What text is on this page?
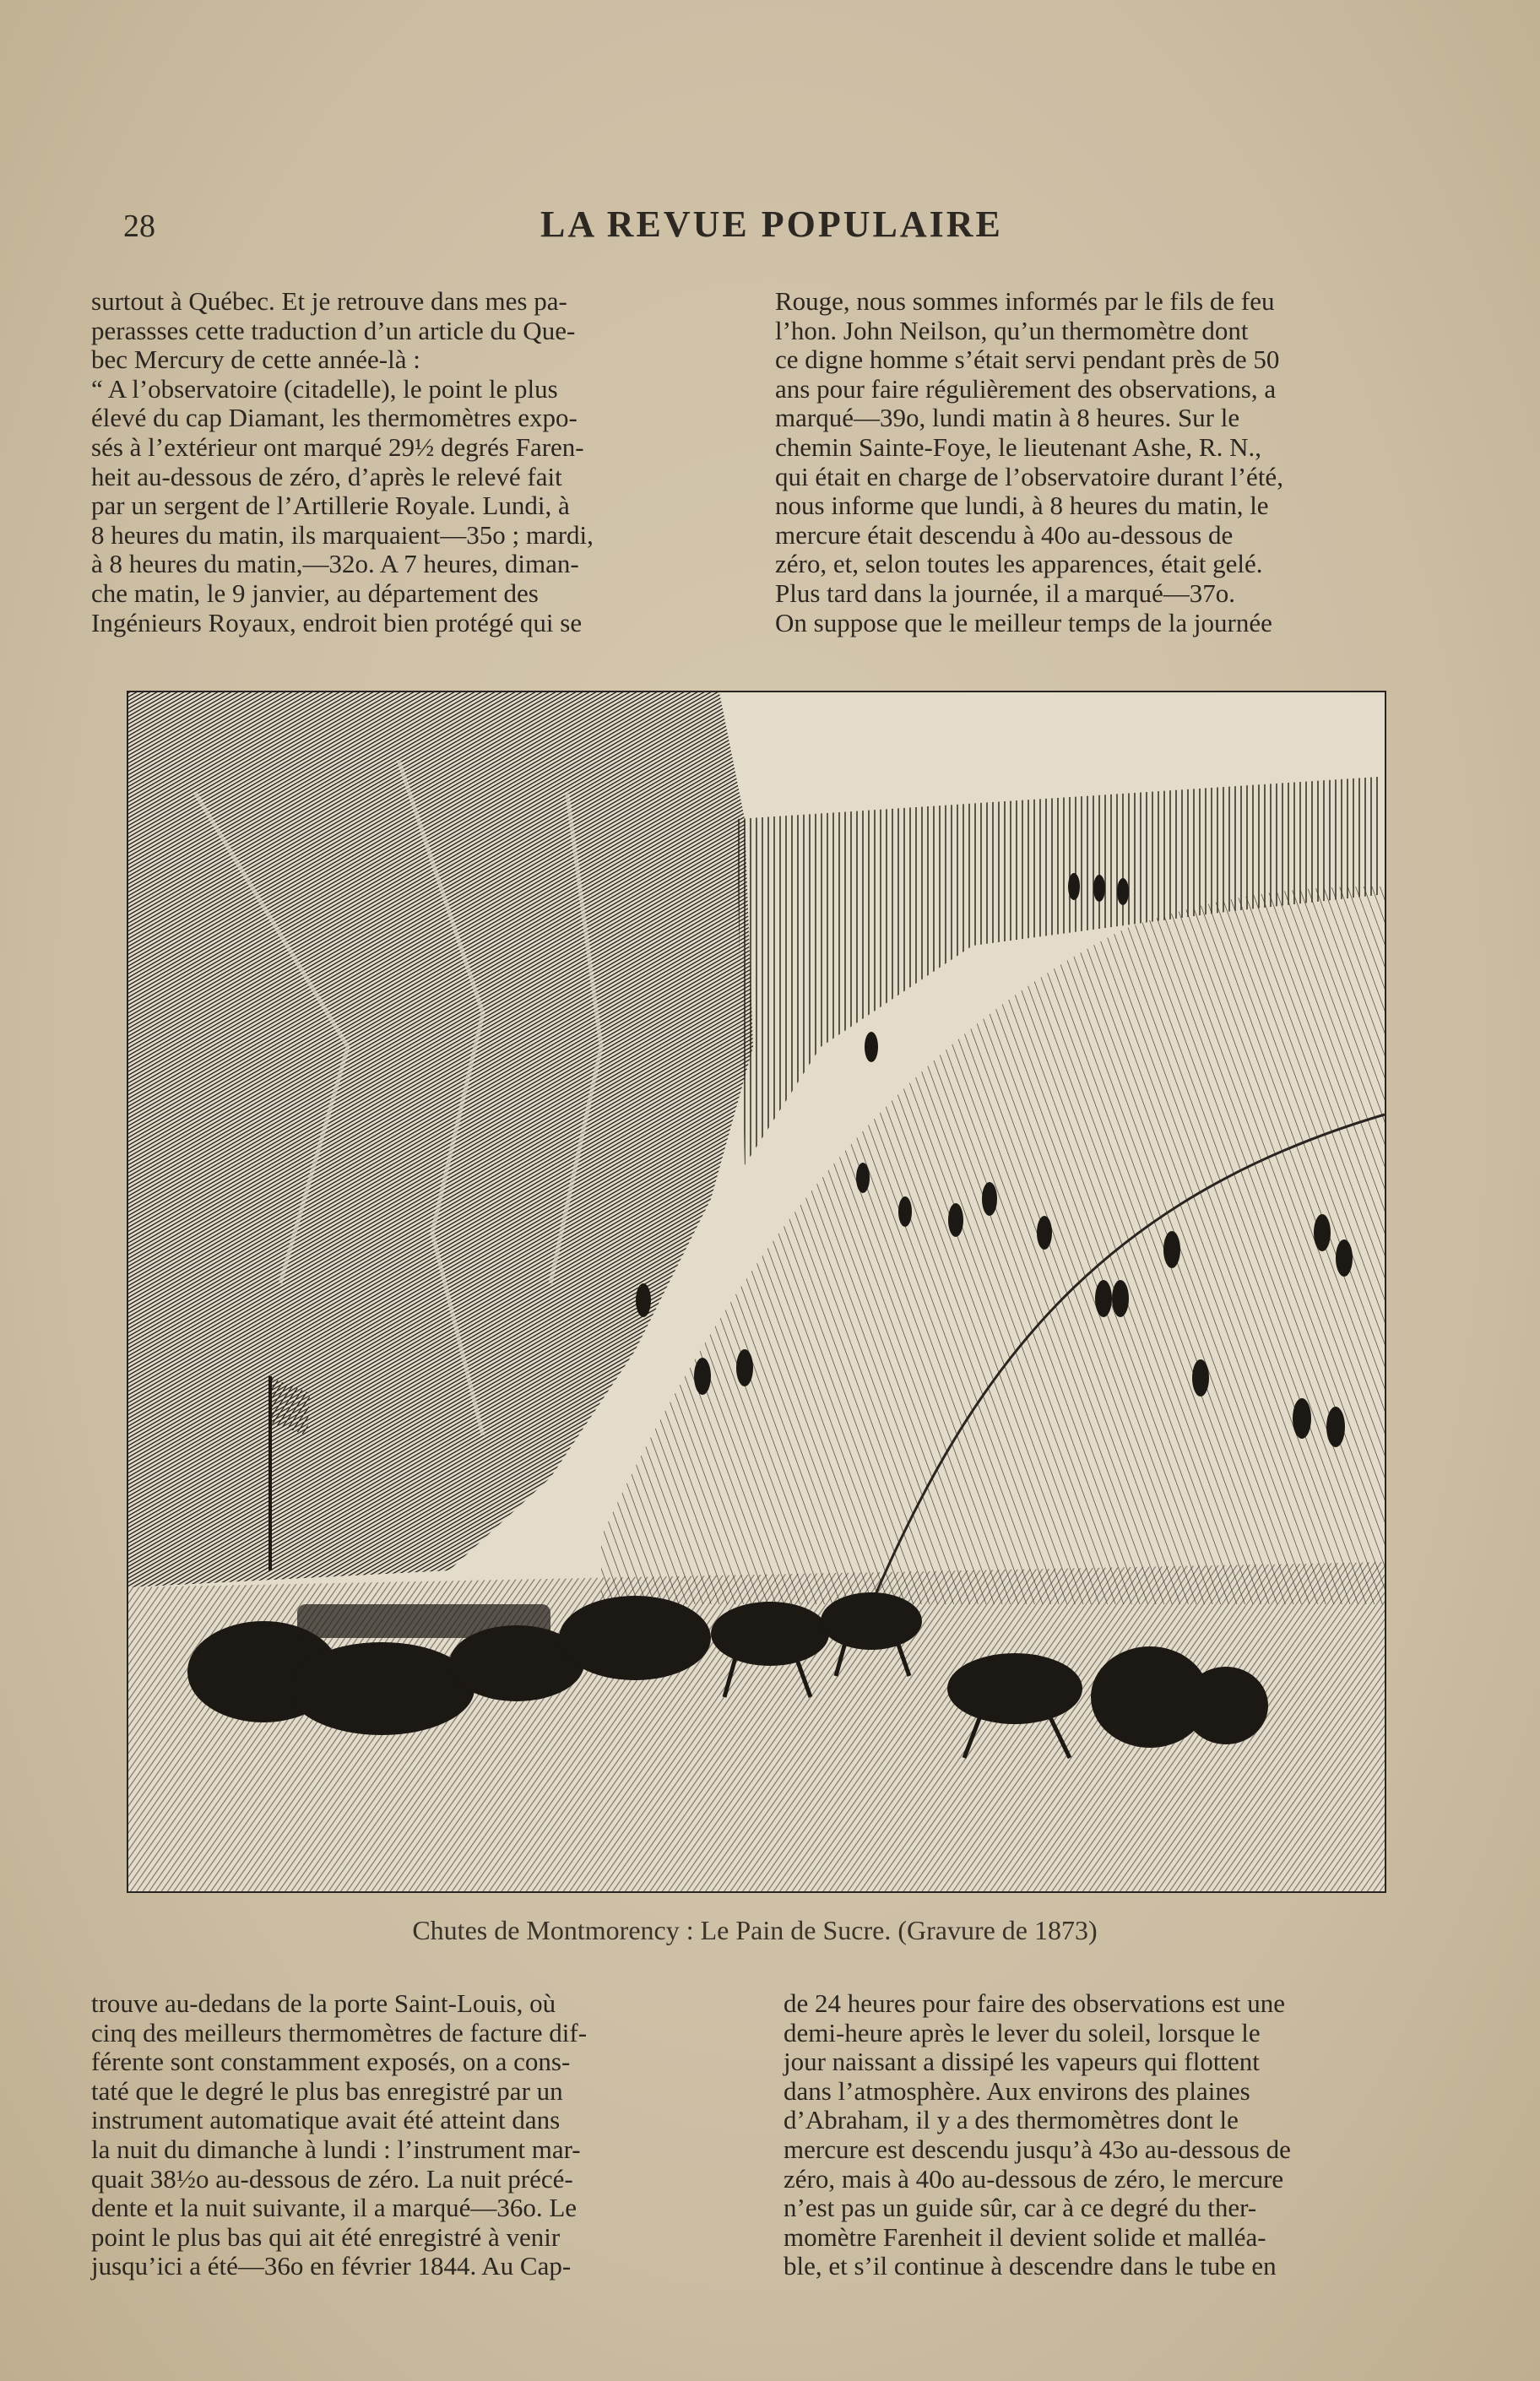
28	LA REVUE POPULAIRE

surtout à Québec. Et je retrouve dans mes pa-

perassses cette traduction d’un article du Que-

bec Mercury de cette année-là :

“ A l’observatoire (citadelle), le point le plus

élevé du cap Diamant, les thermomètres expo-

sés à l’extérieur ont marqué 29½ degrés Faren-

heit au-dessous de zéro, d’après le relevé fait

par un sergent de l’Artillerie Royale. Lundi, à

8 heures du matin, ils marquaient—35o ; mardi,

à 8 heures du matin,—32o. A 7 heures, diman-

che matin, le 9 janvier, au département des

Ingénieurs Royaux, endroit bien protégé qui se

Rouge, nous sommes informés par le fils de feu

l’hon. John Neilson, qu’un thermomètre dont

ce digne homme s’était servi pendant près de 50

ans pour faire régulièrement des observations, a

marqué—39o, lundi matin à 8 heures. Sur le

chemin Sainte-Foye, le lieutenant Ashe, R. N.,

qui était en charge de l’observatoire durant l’été,

nous informe que lundi, à 8 heures du matin, le

mercure était descendu à 40o au-dessous de

zéro, et, selon toutes les apparences, était gelé.

Plus tard dans la journée, il a marqué—37o.

On suppose que le meilleur temps de la journée

Chutes de Montmorency : Le Pain de Sucre. (Gravure de 1873)

trouve au-dedans de la porte Saint-Louis, où

cinq des meilleurs thermomètres de facture dif-

férente sont constamment exposés, on a cons-

taté que le degré le plus bas enregistré par un

instrument automatique avait été atteint dans

la nuit du dimanche à lundi : l’instrument mar-

quait 38½o au-dessous de zéro. La nuit précé-

dente et la nuit suivante, il a marqué—36o. Le

point le plus bas qui ait été enregistré à venir

jusqu’ici a été—36o en février 1844. Au Cap-

de 24 heures pour faire des observations est une

demi-heure après le lever du soleil, lorsque le

jour naissant a dissipé les vapeurs qui flottent

dans l’atmosphère. Aux environs des plaines

d’Abraham, il y a des thermomètres dont le

mercure est descendu jusqu’à 43o au-dessous de

zéro, mais à 40o au-dessous de zéro, le mercure

n’est pas un guide sûr, car à ce degré du ther-

momètre Farenheit il devient solide et malléa-

ble, et s’il continue à descendre dans le tube en
